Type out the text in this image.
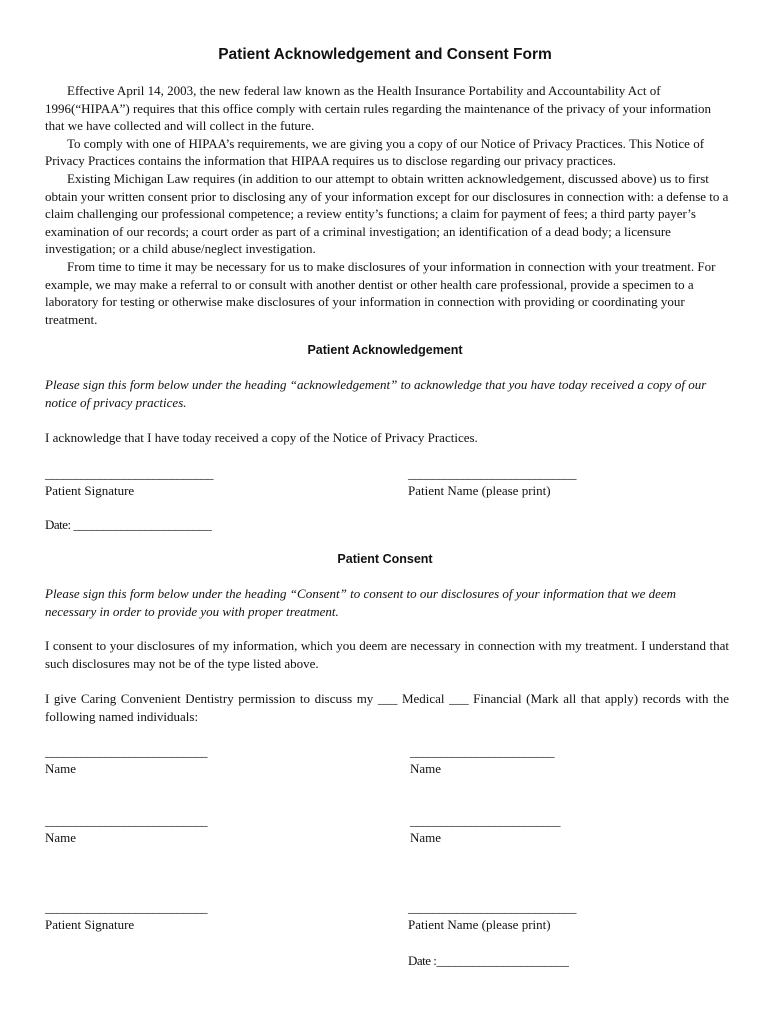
Patient Acknowledgement and Consent Form

Effective April 14, 2003, the new federal law known as the Health Insurance Portability and Accountability Act of 1996(“HIPAA”) requires that this office comply with certain rules regarding the maintenance of the privacy of your information that we have collected and will collect in the future.

To comply with one of HIPAA’s requirements, we are giving you a copy of our Notice of Privacy Practices. This Notice of Privacy Practices contains the information that HIPAA requires us to disclose regarding our privacy practices.

Existing Michigan Law requires (in addition to our attempt to obtain written acknowledgement, discussed above) us to first obtain your written consent prior to disclosing any of your information except for our disclosures in connection with: a defense to a claim challenging our professional competence; a review entity’s functions; a claim for payment of fees; a third party payer’s examination of our records; a court order as part of a criminal investigation; an identification of a dead body; a licensure investigation; or a child abuse/neglect investigation.

From time to time it may be necessary for us to make disclosures of your information in connection with your treatment. For example, we may make a referral to or consult with another dentist or other health care professional, provide a specimen to a laboratory for testing or otherwise make disclosures of your information in connection with providing or coordinating your treatment.

Patient Acknowledgement

Please sign this form below under the heading “acknowledgement” to acknowledge that you have today received a copy of our notice of privacy practices.

I acknowledge that I have today received a copy of the Notice of Privacy Practices.

____________________________
Patient Signature
____________________________
Patient Name (please print)
Date: _______________________
Patient Consent

Please sign this form below under the heading “Consent” to consent to our disclosures of your information that we deem necessary in order to provide you with proper treatment.

I consent to your disclosures of my information, which you deem are necessary in connection with my treatment. I understand that such disclosures may not be of the type listed above.

I give Caring Convenient Dentistry permission to discuss my ___ Medical ___ Financial (Mark all that apply) records with the following named individuals:

___________________________
Name
________________________
Name
___________________________
Name
_________________________
Name
___________________________
Patient Signature
____________________________
Patient Name (please print)
Date :______________________
